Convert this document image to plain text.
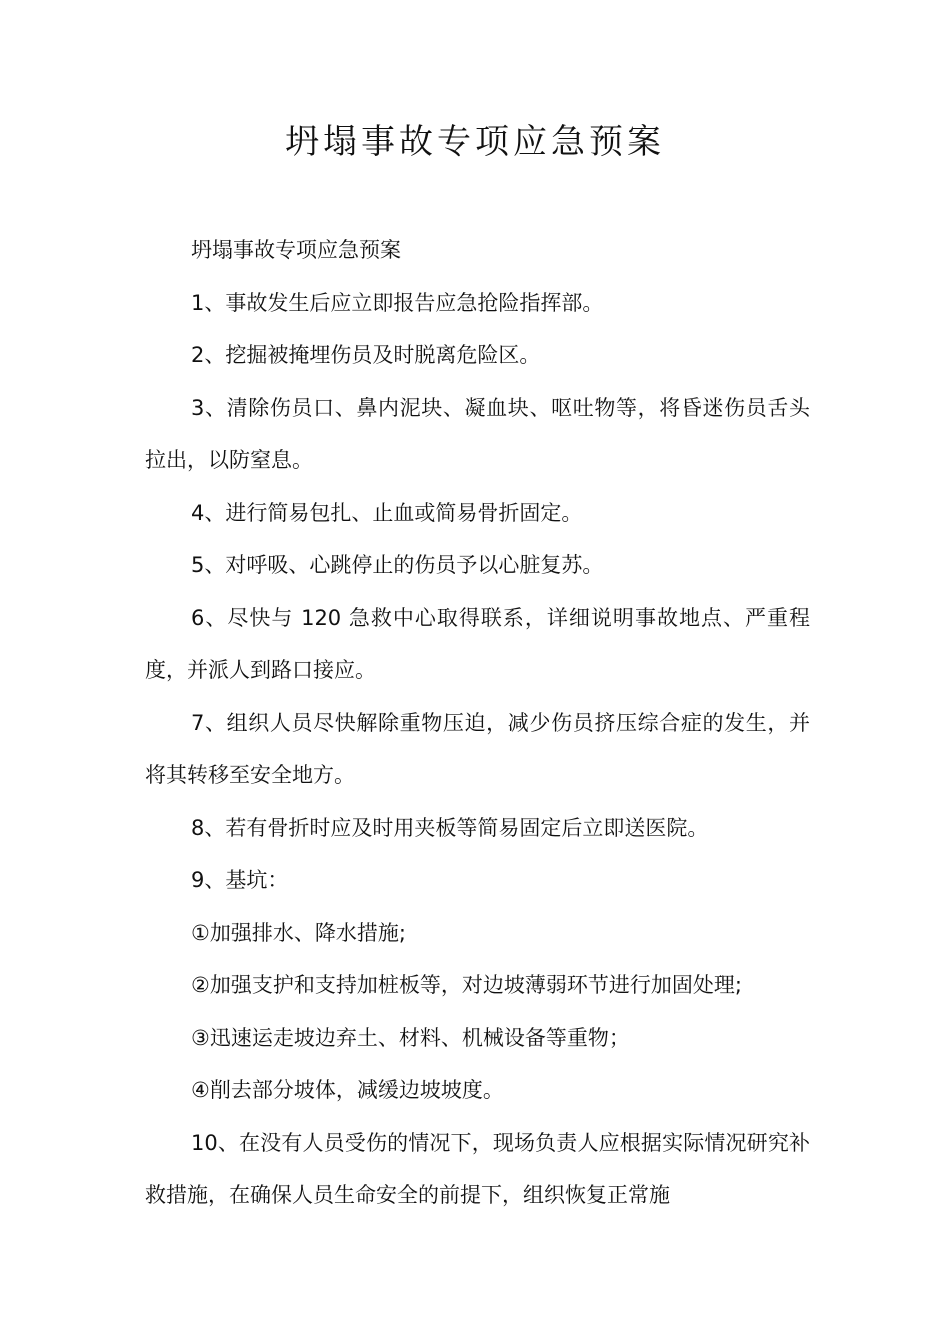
坍塌事故专项应急预案

坍塌事故专项应急预案

1、事故发生后应立即报告应急抢险指挥部。

2、挖掘被掩埋伤员及时脱离危险区。

3、清除伤员口、鼻内泥块、凝血块、呕吐物等，将昏迷伤员舌头拉出，以防窒息。

4、进行简易包扎、止血或简易骨折固定。

5、对呼吸、心跳停止的伤员予以心脏复苏。

6、尽快与 120 急救中心取得联系，详细说明事故地点、严重程度，并派人到路口接应。

7、组织人员尽快解除重物压迫，减少伤员挤压综合症的发生，并将其转移至安全地方。

8、若有骨折时应及时用夹板等简易固定后立即送医院。

9、基坑：

①加强排水、降水措施;

②加强支护和支持加桩板等，对边坡薄弱环节进行加固处理;

③迅速运走坡边弃土、材料、机械设备等重物；

④削去部分坡体，减缓边坡坡度。

10、在没有人员受伤的情况下，现场负责人应根据实际情况研究补救措施，在确保人员生命安全的前提下，组织恢复正常施
